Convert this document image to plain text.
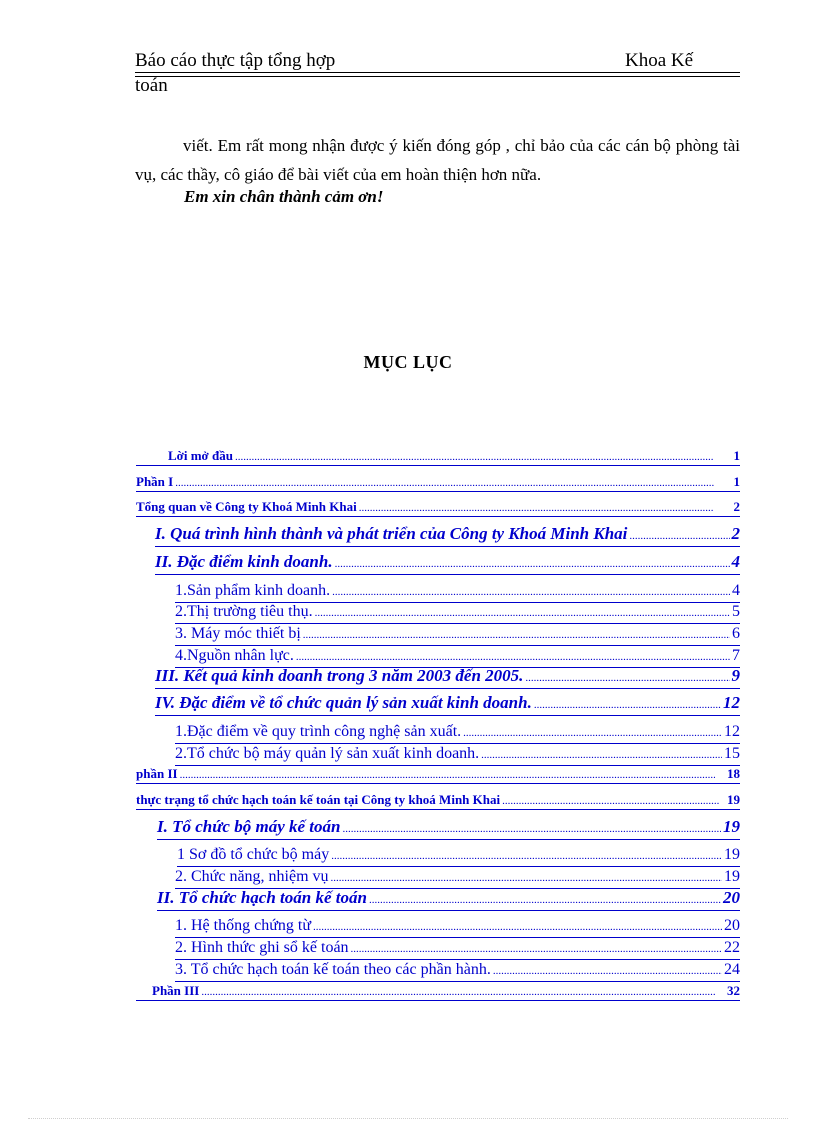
Báo cáo thực tập tổng hợp	Khoa Kế
toán
viết. Em rất mong nhận được ý kiến đóng góp , chỉ bảo của các cán bộ phòng tài vụ, các thầy, cô giáo để bài viết của em hoàn thiện hơn nữa.
Em xin chân thành cảm ơn!
MỤC LỤC
Lời mở đầu .....	1
Phần I .....	1
Tổng quan về Công ty Khoá Minh Khai .....	2
I. Quá trình hình thành và phát triển của Công ty Khoá Minh Khai .....	2
II. Đặc điểm kinh doanh. .....	4
1.Sản phẩm kinh doanh. .....	4
2.Thị trường tiêu thụ. .....	5
3. Máy móc thiết bị .....	6
4.Nguồn nhân lực. .....	7
III. Kết quả kinh doanh trong 3 năm 2003 đến 2005. .....	9
IV. Đặc điểm về tổ chức quản lý sản xuất kinh doanh. .....	12
1.Đặc điểm về quy trình công nghệ sản xuất. .....	12
2.Tổ chức bộ máy quản lý sản xuất kinh doanh. .....	15
phần II .....	18
thực trạng tổ chức hạch toán kế toán tại Công ty khoá Minh Khai .....	19
I. Tổ chức bộ máy kế toán .....	19
1 Sơ đồ tổ chức bộ máy .....	19
2. Chức năng, nhiệm vụ .....	19
II. Tổ chức hạch toán kế toán .....	20
1. Hệ thống chứng từ .....	20
2. Hình thức ghi sổ kế toán .....	22
3. Tổ chức hạch toán kế toán theo các phần hành. .....	24
Phần III .....	32
